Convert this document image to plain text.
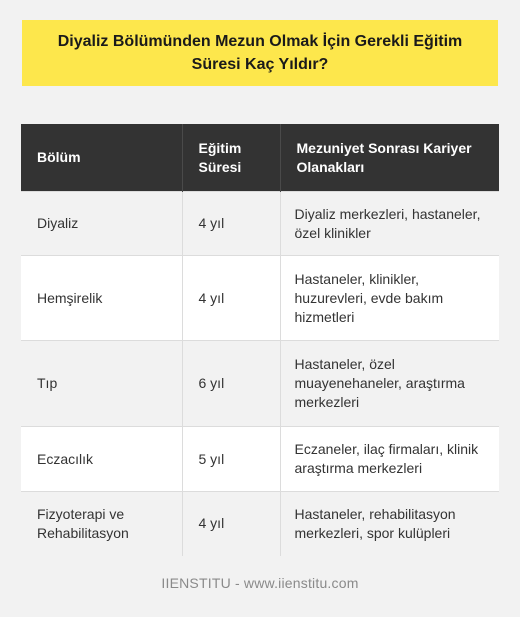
Diyaliz Bölümünden Mezun Olmak İçin Gerekli Eğitim Süresi Kaç Yıldır?
Bölüm	Eğitim Süresi	Mezuniyet Sonrası Kariyer Olanakları
Diyaliz	4 yıl	Diyaliz merkezleri, hastaneler, özel klinikler
Hemşirelik	4 yıl	Hastaneler, klinikler, huzurevleri, evde bakım hizmetleri
Tıp	6 yıl	Hastaneler, özel muayenehaneler, araştırma merkezleri
Eczacılık	5 yıl	Eczaneler, ilaç firmaları, klinik araştırma merkezleri
Fizyoterapi ve Rehabilitasyon	4 yıl	Hastaneler, rehabilitasyon merkezleri, spor kulüpleri
IIENSTITU - www.iienstitu.com
